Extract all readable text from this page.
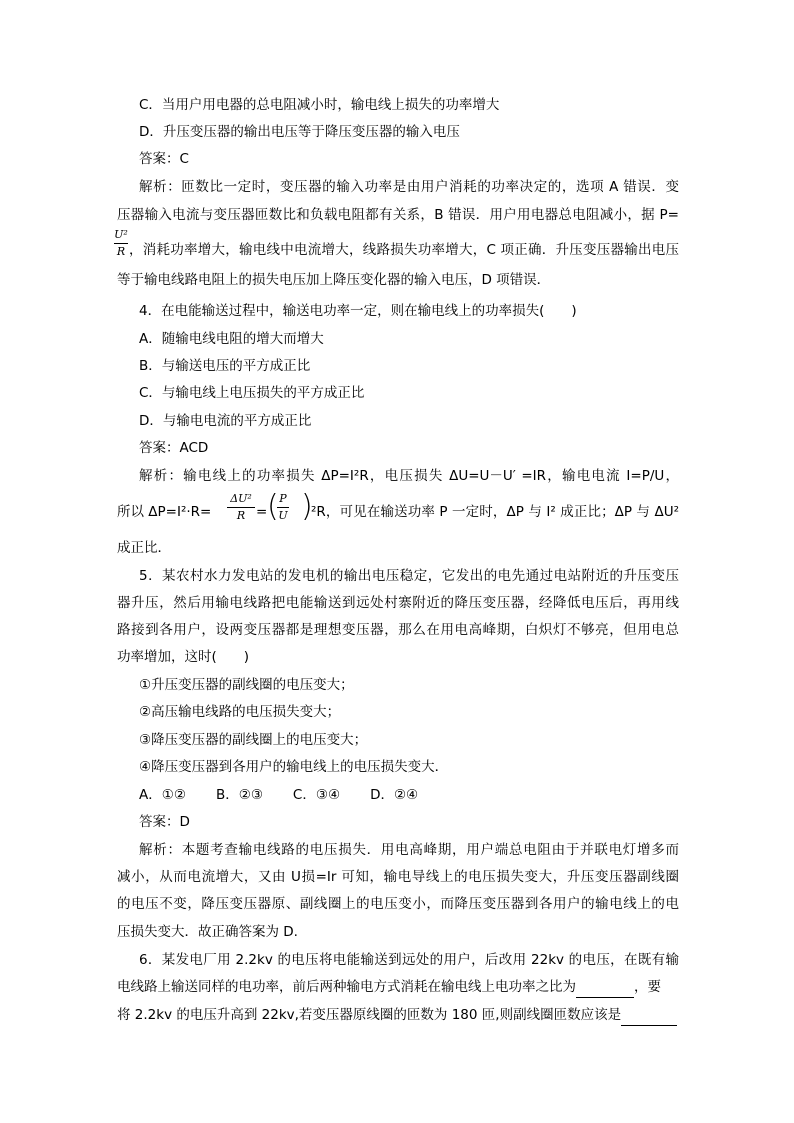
C．当用户用电器的总电阻减小时，输电线上损失的功率增大
D．升压变压器的输出电压等于降压变压器的输入电压
答案：C
解析：匝数比一定时，变压器的输入功率是由用户消耗的功率决定的，选项 A 错误．变
压器输入电流与变压器匝数比和负载电阻都有关系，B 错误．用户用电器总电阻减小，据 P=
U²
R ，消耗功率增大，输电线中电流增大，线路损失功率增大，C 项正确．升压变压器输出电压
等于输电线路电阻上的损失电压加上降压变化器的输入电压，D 项错误．
4．在电能输送过程中，输送电功率一定，则在输电线上的功率损失(　　)
A．随输电线电阻的增大而增大
B．与输送电压的平方成正比
C．与输电线上电压损失的平方成正比
D．与输电电流的平方成正比
答案：ACD
解析：输电线上的功率损失 ΔP=I²R，电压损失 ΔU=U－U′ =IR，输电电流 I=P/U，
所以 ΔP=I²·R=
ΔU²
R = ( P
U )
²R，可见在输送功率 P 一定时，ΔP 与 I² 成正比；ΔP 与 ΔU²
成正比．
5．某农村水力发电站的发电机的输出电压稳定，它发出的电先通过电站附近的升压变压
器升压，然后用输电线路把电能输送到远处村寨附近的降压变压器，经降低电压后，再用线
路接到各用户，设两变压器都是理想变压器，那么在用电高峰期，白炽灯不够亮，但用电总
功率增加，这时(　　)
①升压变压器的副线圈的电压变大；
②高压输电线路的电压损失变大；
③降压变压器的副线圈上的电压变大；
④降压变压器到各用户的输电线上的电压损失变大．
A．①② B．②③ C．③④ D．②④
答案：D
解析：本题考查输电线路的电压损失．用电高峰期，用户端总电阻由于并联电灯增多而
减小，从而电流增大，又由 U损=Ir 可知，输电导线上的电压损失变大，升压变压器副线圈
的电压不变，降压变压器原、副线圈上的电压变小，而降压变压器到各用户的输电线上的电
压损失变大．故正确答案为 D.
6．某发电厂用 2.2kv 的电压将电能输送到远处的用户，后改用 22kv 的电压，在既有输
电线路上输送同样的电功率，前后两种输电方式消耗在输电线上电功率之比为	，要
将 2.2kv 的电压升高到 22kv,若变压器原线圈的匝数为 180 匝,则副线圈匝数应该是
